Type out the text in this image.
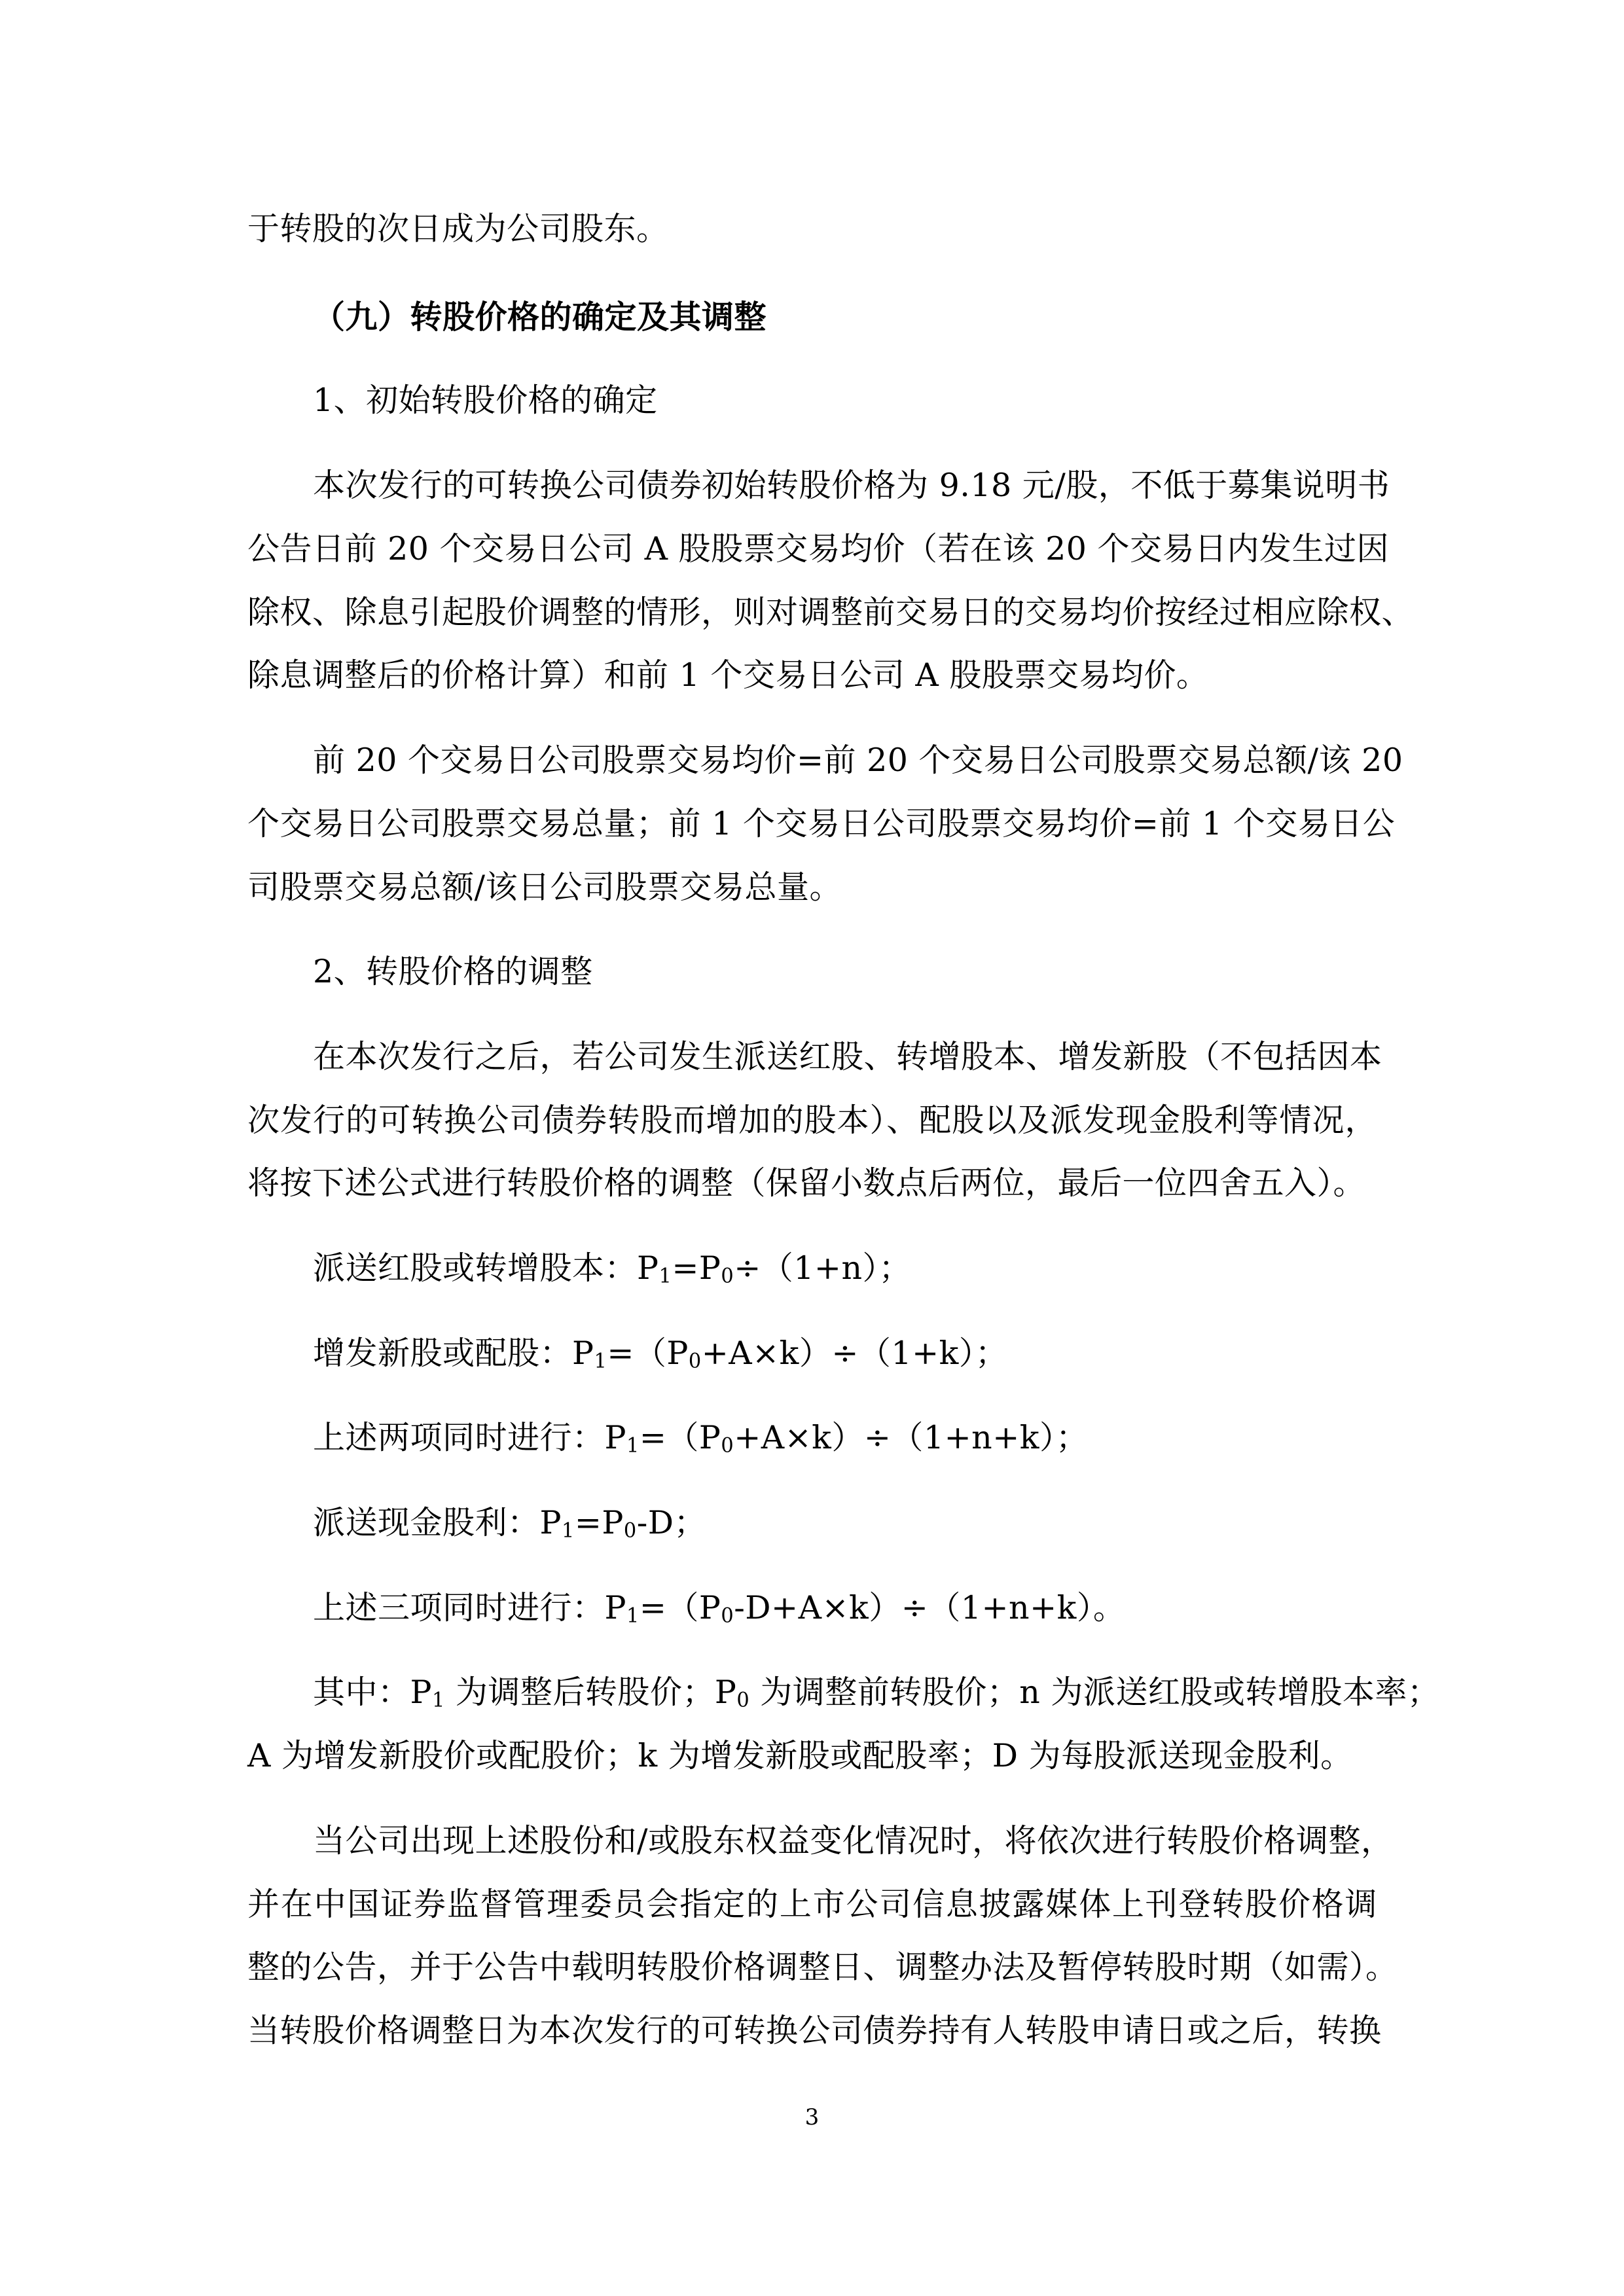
于转股的次日成为公司股东。
（九）转股价格的确定及其调整
1、初始转股价格的确定
本次发行的可转换公司债券初始转股价格为 9.18 元/股，不低于募集说明书
公告日前 20 个交易日公司 A 股股票交易均价（若在该 20 个交易日内发生过因
除权、除息引起股价调整的情形，则对调整前交易日的交易均价按经过相应除权、
除息调整后的价格计算）和前 1 个交易日公司 A 股股票交易均价。
前 20 个交易日公司股票交易均价=前 20 个交易日公司股票交易总额/该 20
个交易日公司股票交易总量；前 1 个交易日公司股票交易均价=前 1 个交易日公
司股票交易总额/该日公司股票交易总量。
2、转股价格的调整
在本次发行之后，若公司发生派送红股、转增股本、增发新股（不包括因本
次发行的可转换公司债券转股而增加的股本）、配股以及派发现金股利等情况，
将按下述公式进行转股价格的调整（保留小数点后两位，最后一位四舍五入）。
派送红股或转增股本：$P_1=P_0\div(1+n)$；
增发新股或配股：$P_1=(P_0+A\times k)\div(1+k)$；
上述两项同时进行：$P_1=(P_0+A\times k)\div(1+n+k)$；
派送现金股利：$P_1=P_0-D$；
上述三项同时进行：$P_1=(P_0-D+A\times k)\div(1+n+k)$。
其中：$P_1$ 为调整后转股价；$P_0$ 为调整前转股价；n 为派送红股或转增股本率；
A 为增发新股价或配股价；k 为增发新股或配股率；D 为每股派送现金股利。
当公司出现上述股份和/或股东权益变化情况时，将依次进行转股价格调整，
并在中国证券监督管理委员会指定的上市公司信息披露媒体上刊登转股价格调
整的公告，并于公告中载明转股价格调整日、调整办法及暂停转股时期（如需）。
当转股价格调整日为本次发行的可转换公司债券持有人转股申请日或之后，转换
3
